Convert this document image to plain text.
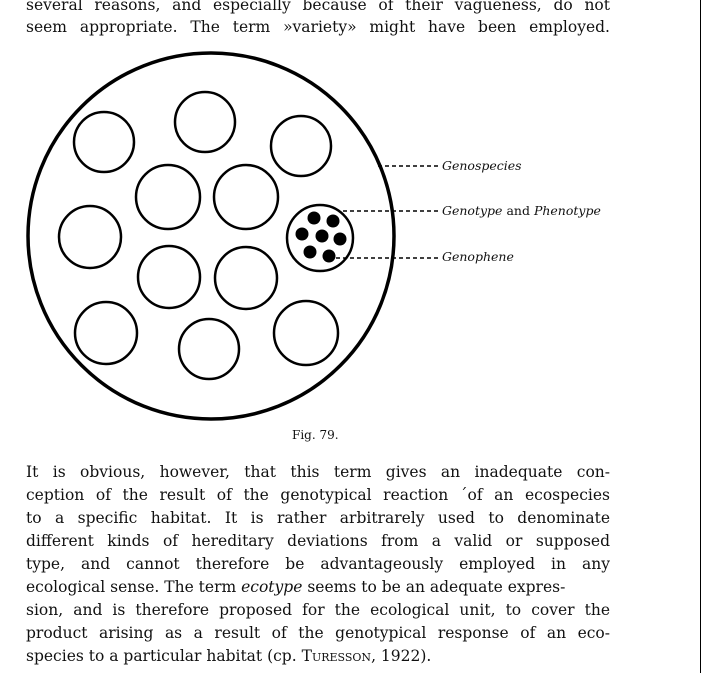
several reasons, and especially because of their vagueness, do not
seem appropriate. The term »variety» might have been employed.
Genospecies
Genotype and Phenotype
Genophene
Fig. 79.
It is obvious, however, that this term gives an inadequate con-
ception of the result of the genotypical reaction ´of an ecospecies
to a specific habitat. It is rather arbitrarely used to denominate
different kinds of hereditary deviations from a valid or supposed
type, and cannot therefore be advantageously employed in any
ecological sense. The term
ecotype
seems to be an adequate expres-
sion, and is therefore proposed for the ecological unit, to cover the
product arising as a result of the genotypical response of an eco-
species to a particular habitat (cp.
Turesson , 1922).
